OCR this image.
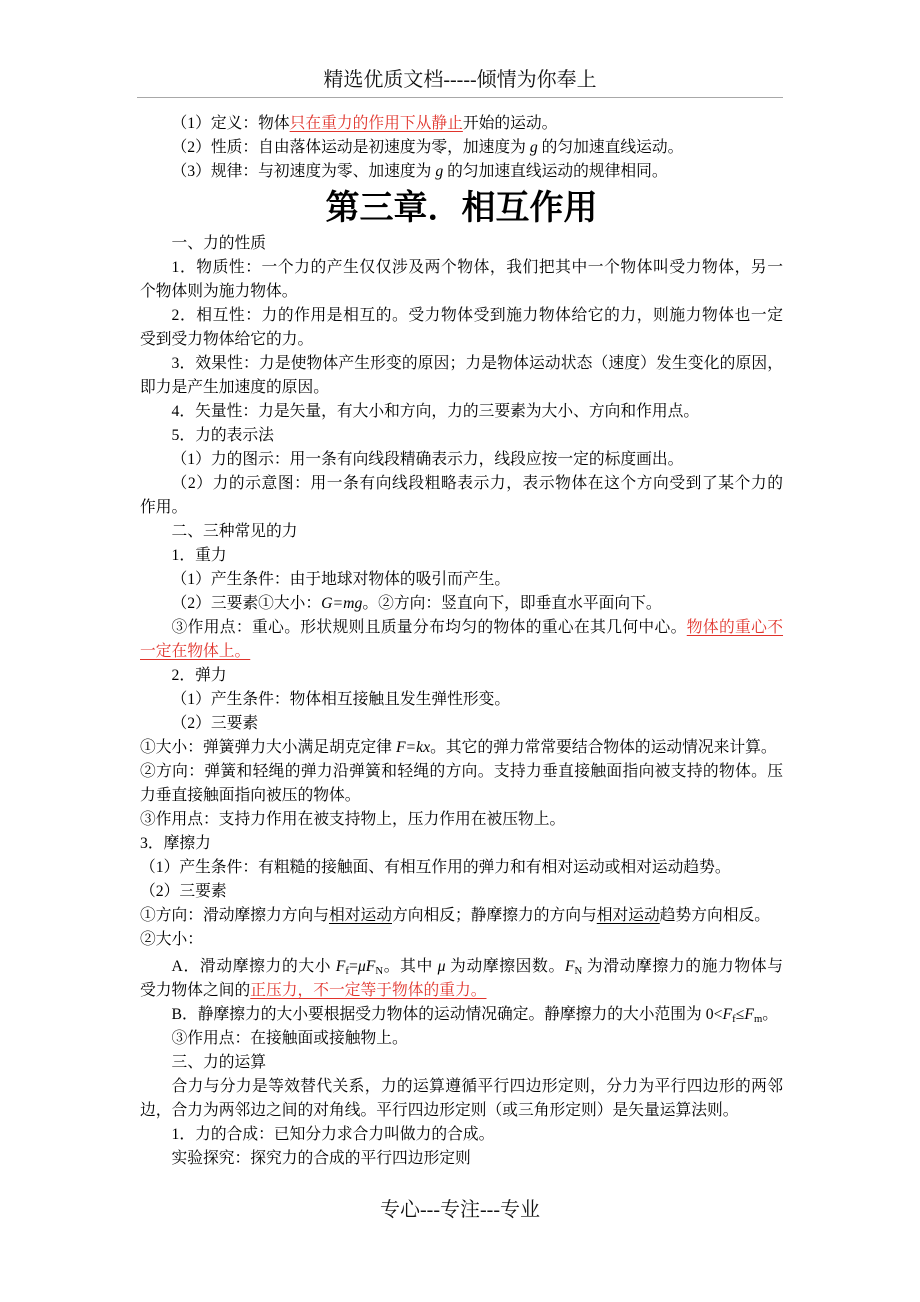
精选优质文档-----倾情为你奉上
（1）定义：物体只在重力的作用下从静止开始的运动。
（2）性质：自由落体运动是初速度为零，加速度为 g 的匀加速直线运动。
（3）规律：与初速度为零、加速度为 g 的匀加速直线运动的规律相同。
第三章．相互作用
一、力的性质
1．物质性：一个力的产生仅仅涉及两个物体，我们把其中一个物体叫受力物体，另一
个物体则为施力物体。
2．相互性：力的作用是相互的。受力物体受到施力物体给它的力，则施力物体也一定
受到受力物体给它的力。
3．效果性：力是使物体产生形变的原因；力是物体运动状态（速度）发生变化的原因，
即力是产生加速度的原因。
4．矢量性：力是矢量，有大小和方向，力的三要素为大小、方向和作用点。
5．力的表示法
（1）力的图示：用一条有向线段精确表示力，线段应按一定的标度画出。
（2）力的示意图：用一条有向线段粗略表示力，表示物体在这个方向受到了某个力的
作用。
二、三种常见的力
1．重力
（1）产生条件：由于地球对物体的吸引而产生。
（2）三要素①大小：G=mg。②方向：竖直向下，即垂直水平面向下。
③作用点：重心。形状规则且质量分布均匀的物体的重心在其几何中心。物体的重心不
一定在物体上。
2．弹力
（1）产生条件：物体相互接触且发生弹性形变。
（2）三要素
①大小：弹簧弹力大小满足胡克定律 F=kx。其它的弹力常常要结合物体的运动情况来计算。
②方向：弹簧和轻绳的弹力沿弹簧和轻绳的方向。支持力垂直接触面指向被支持的物体。压
力垂直接触面指向被压的物体。
③作用点：支持力作用在被支持物上，压力作用在被压物上。
3．摩擦力
（1）产生条件：有粗糙的接触面、有相互作用的弹力和有相对运动或相对运动趋势。
（2）三要素
①方向：滑动摩擦力方向与相对运动方向相反；静摩擦力的方向与相对运动趋势方向相反。
②大小：
A．滑动摩擦力的大小 $F_f=\mu F_N$。其中 μ 为动摩擦因数。$F_N$ 为滑动摩擦力的施力物体与
受力物体之间的正压力，不一定等于物体的重力。
B．静摩擦力的大小要根据受力物体的运动情况确定。静摩擦力的大小范围为 $0<F_f\le F_m$。
③作用点：在接触面或接触物上。
三、力的运算
合力与分力是等效替代关系，力的运算遵循平行四边形定则，分力为平行四边形的两邻
边，合力为两邻边之间的对角线。平行四边形定则（或三角形定则）是矢量运算法则。
1．力的合成：已知分力求合力叫做力的合成。
实验探究：探究力的合成的平行四边形定则
专心---专注---专业
